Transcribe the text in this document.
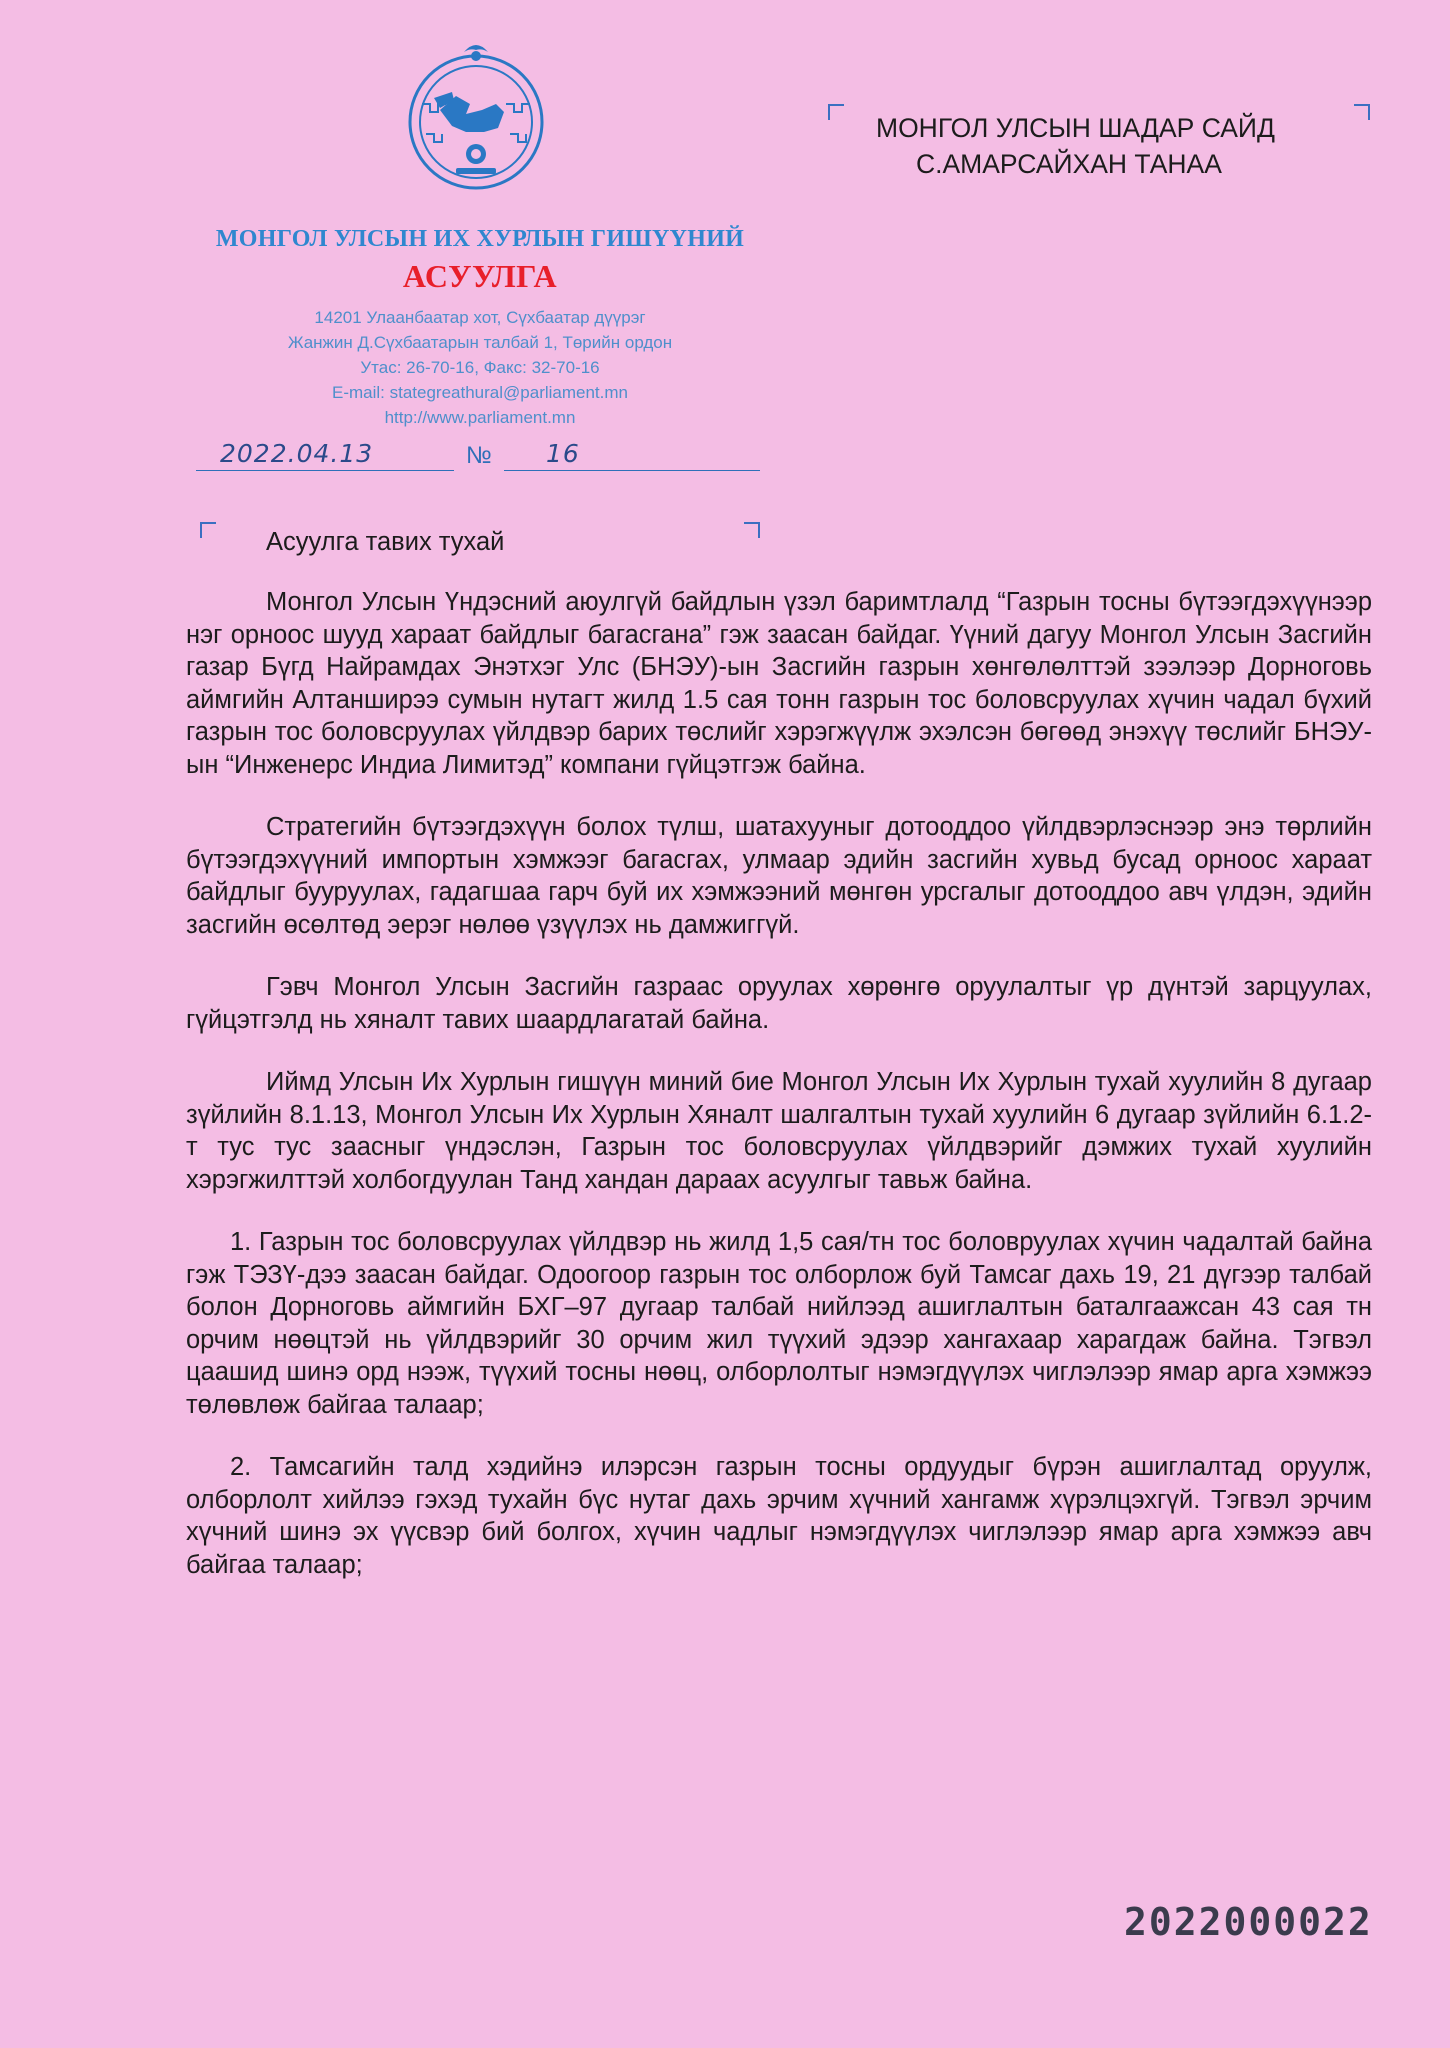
МОНГОЛ УЛСЫН ИХ ХУРЛЫН ГИШҮҮНИЙ
АСУУЛГА
14201 Улаанбаатар хот, Сүхбаатар дүүрэг
Жанжин Д.Сүхбаатарын талбай 1, Төрийн ордон
Утас: 26-70-16, Факс: 32-70-16
E-mail: stategreathural@parliament.mn
http://www.parliament.mn
2022.04.13	№ 16
МОНГОЛ УЛСЫН ШАДАР САЙД
С.АМАРСАЙХАН ТАНАА
Асуулга тавих тухай

Монгол Улсын Үндэсний аюулгүй байдлын үзэл баримтлалд “Газрын тосны бүтээгдэхүүнээр нэг орноос шууд хараат байдлыг багасгана” гэж заасан байдаг. Үүний дагуу Монгол Улсын Засгийн газар Бүгд Найрамдах Энэтхэг Улс (БНЭУ)-ын Засгийн газрын хөнгөлөлттэй зээлээр Дорноговь аймгийн Алтанширээ сумын нутагт жилд 1.5 сая тонн газрын тос боловсруулах хүчин чадал бүхий газрын тос боловсруулах үйлдвэр барих төслийг хэрэгжүүлж эхэлсэн бөгөөд энэхүү төслийг БНЭУ-ын “Инженерс Индиа Лимитэд” компани гүйцэтгэж байна.

Стратегийн бүтээгдэхүүн болох түлш, шатахууныг дотооддоо үйлдвэрлэснээр энэ төрлийн бүтээгдэхүүний импортын хэмжээг багасгах, улмаар эдийн засгийн хувьд бусад орноос хараат байдлыг бууруулах, гадагшаа гарч буй их хэмжээний мөнгөн урсгалыг дотооддоо авч үлдэн, эдийн засгийн өсөлтөд эерэг нөлөө үзүүлэх нь дамжиггүй.

Гэвч Монгол Улсын Засгийн газраас оруулах хөрөнгө оруулалтыг үр дүнтэй зарцуулах, гүйцэтгэлд нь хяналт тавих шаардлагатай байна.

Иймд Улсын Их Хурлын гишүүн миний бие Монгол Улсын Их Хурлын тухай хуулийн 8 дугаар зүйлийн 8.1.13, Монгол Улсын Их Хурлын Хяналт шалгалтын тухай хуулийн 6 дугаар зүйлийн 6.1.2-т тус тус заасныг үндэслэн, Газрын тос боловсруулах үйлдвэрийг дэмжих тухай хуулийн хэрэгжилттэй холбогдуулан Танд хандан дараах асуулгыг тавьж байна.

1. Газрын тос боловсруулах үйлдвэр нь жилд 1,5 сая/тн тос боловруулах хүчин чадалтай байна гэж ТЭЗҮ-дээ заасан байдаг. Одоогоор газрын тос олборлож буй Тамсаг дахь 19, 21 дүгээр талбай болон Дорноговь аймгийн БХГ–97 дугаар талбай нийлээд ашиглалтын баталгаажсан 43 сая тн орчим нөөцтэй нь үйлдвэрийг 30 орчим жил түүхий эдээр хангахаар харагдаж байна. Тэгвэл цаашид шинэ орд нээж, түүхий тосны нөөц, олборлолтыг нэмэгдүүлэх чиглэлээр ямар арга хэмжээ төлөвлөж байгаа талаар;

2. Тамсагийн талд хэдийнэ илэрсэн газрын тосны ордуудыг бүрэн ашиглалтад оруулж, олборлолт хийлээ гэхэд тухайн бүс нутаг дахь эрчим хүчний хангамж хүрэлцэхгүй. Тэгвэл эрчим хүчний шинэ эх үүсвэр бий болгох, хүчин чадлыг нэмэгдүүлэх чиглэлээр ямар арга хэмжээ авч байгаа талаар;

2022000022
